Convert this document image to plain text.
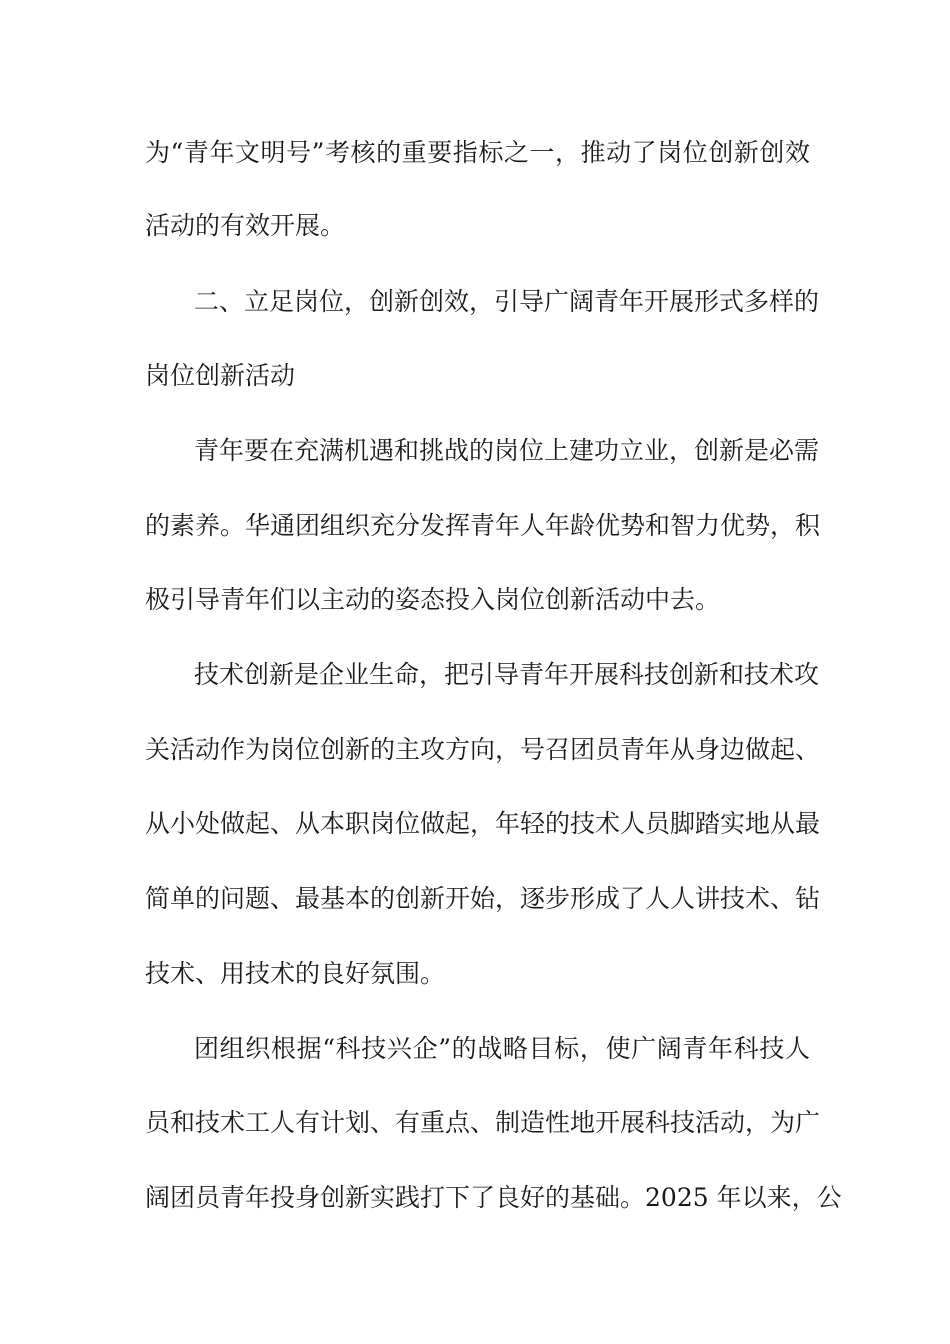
为“青年文明号”考核的重要指标之一，推动了岗位创新创效
活动的有效开展。
二、立足岗位，创新创效，引导广阔青年开展形式多样的
岗位创新活动
青年要在充满机遇和挑战的岗位上建功立业，创新是必需
的素养。华通团组织充分发挥青年人年龄优势和智力优势，积
极引导青年们以主动的姿态投入岗位创新活动中去。
技术创新是企业生命，把引导青年开展科技创新和技术攻
关活动作为岗位创新的主攻方向，号召团员青年从身边做起、
从小处做起、从本职岗位做起，年轻的技术人员脚踏实地从最
简单的问题、最基本的创新开始，逐步形成了人人讲技术、钻
技术、用技术的良好氛围。
团组织根据“科技兴企”的战略目标，使广阔青年科技人
员和技术工人有计划、有重点、制造性地开展科技活动，为广
阔团员青年投身创新实践打下了良好的基础。2025 年以来，公
